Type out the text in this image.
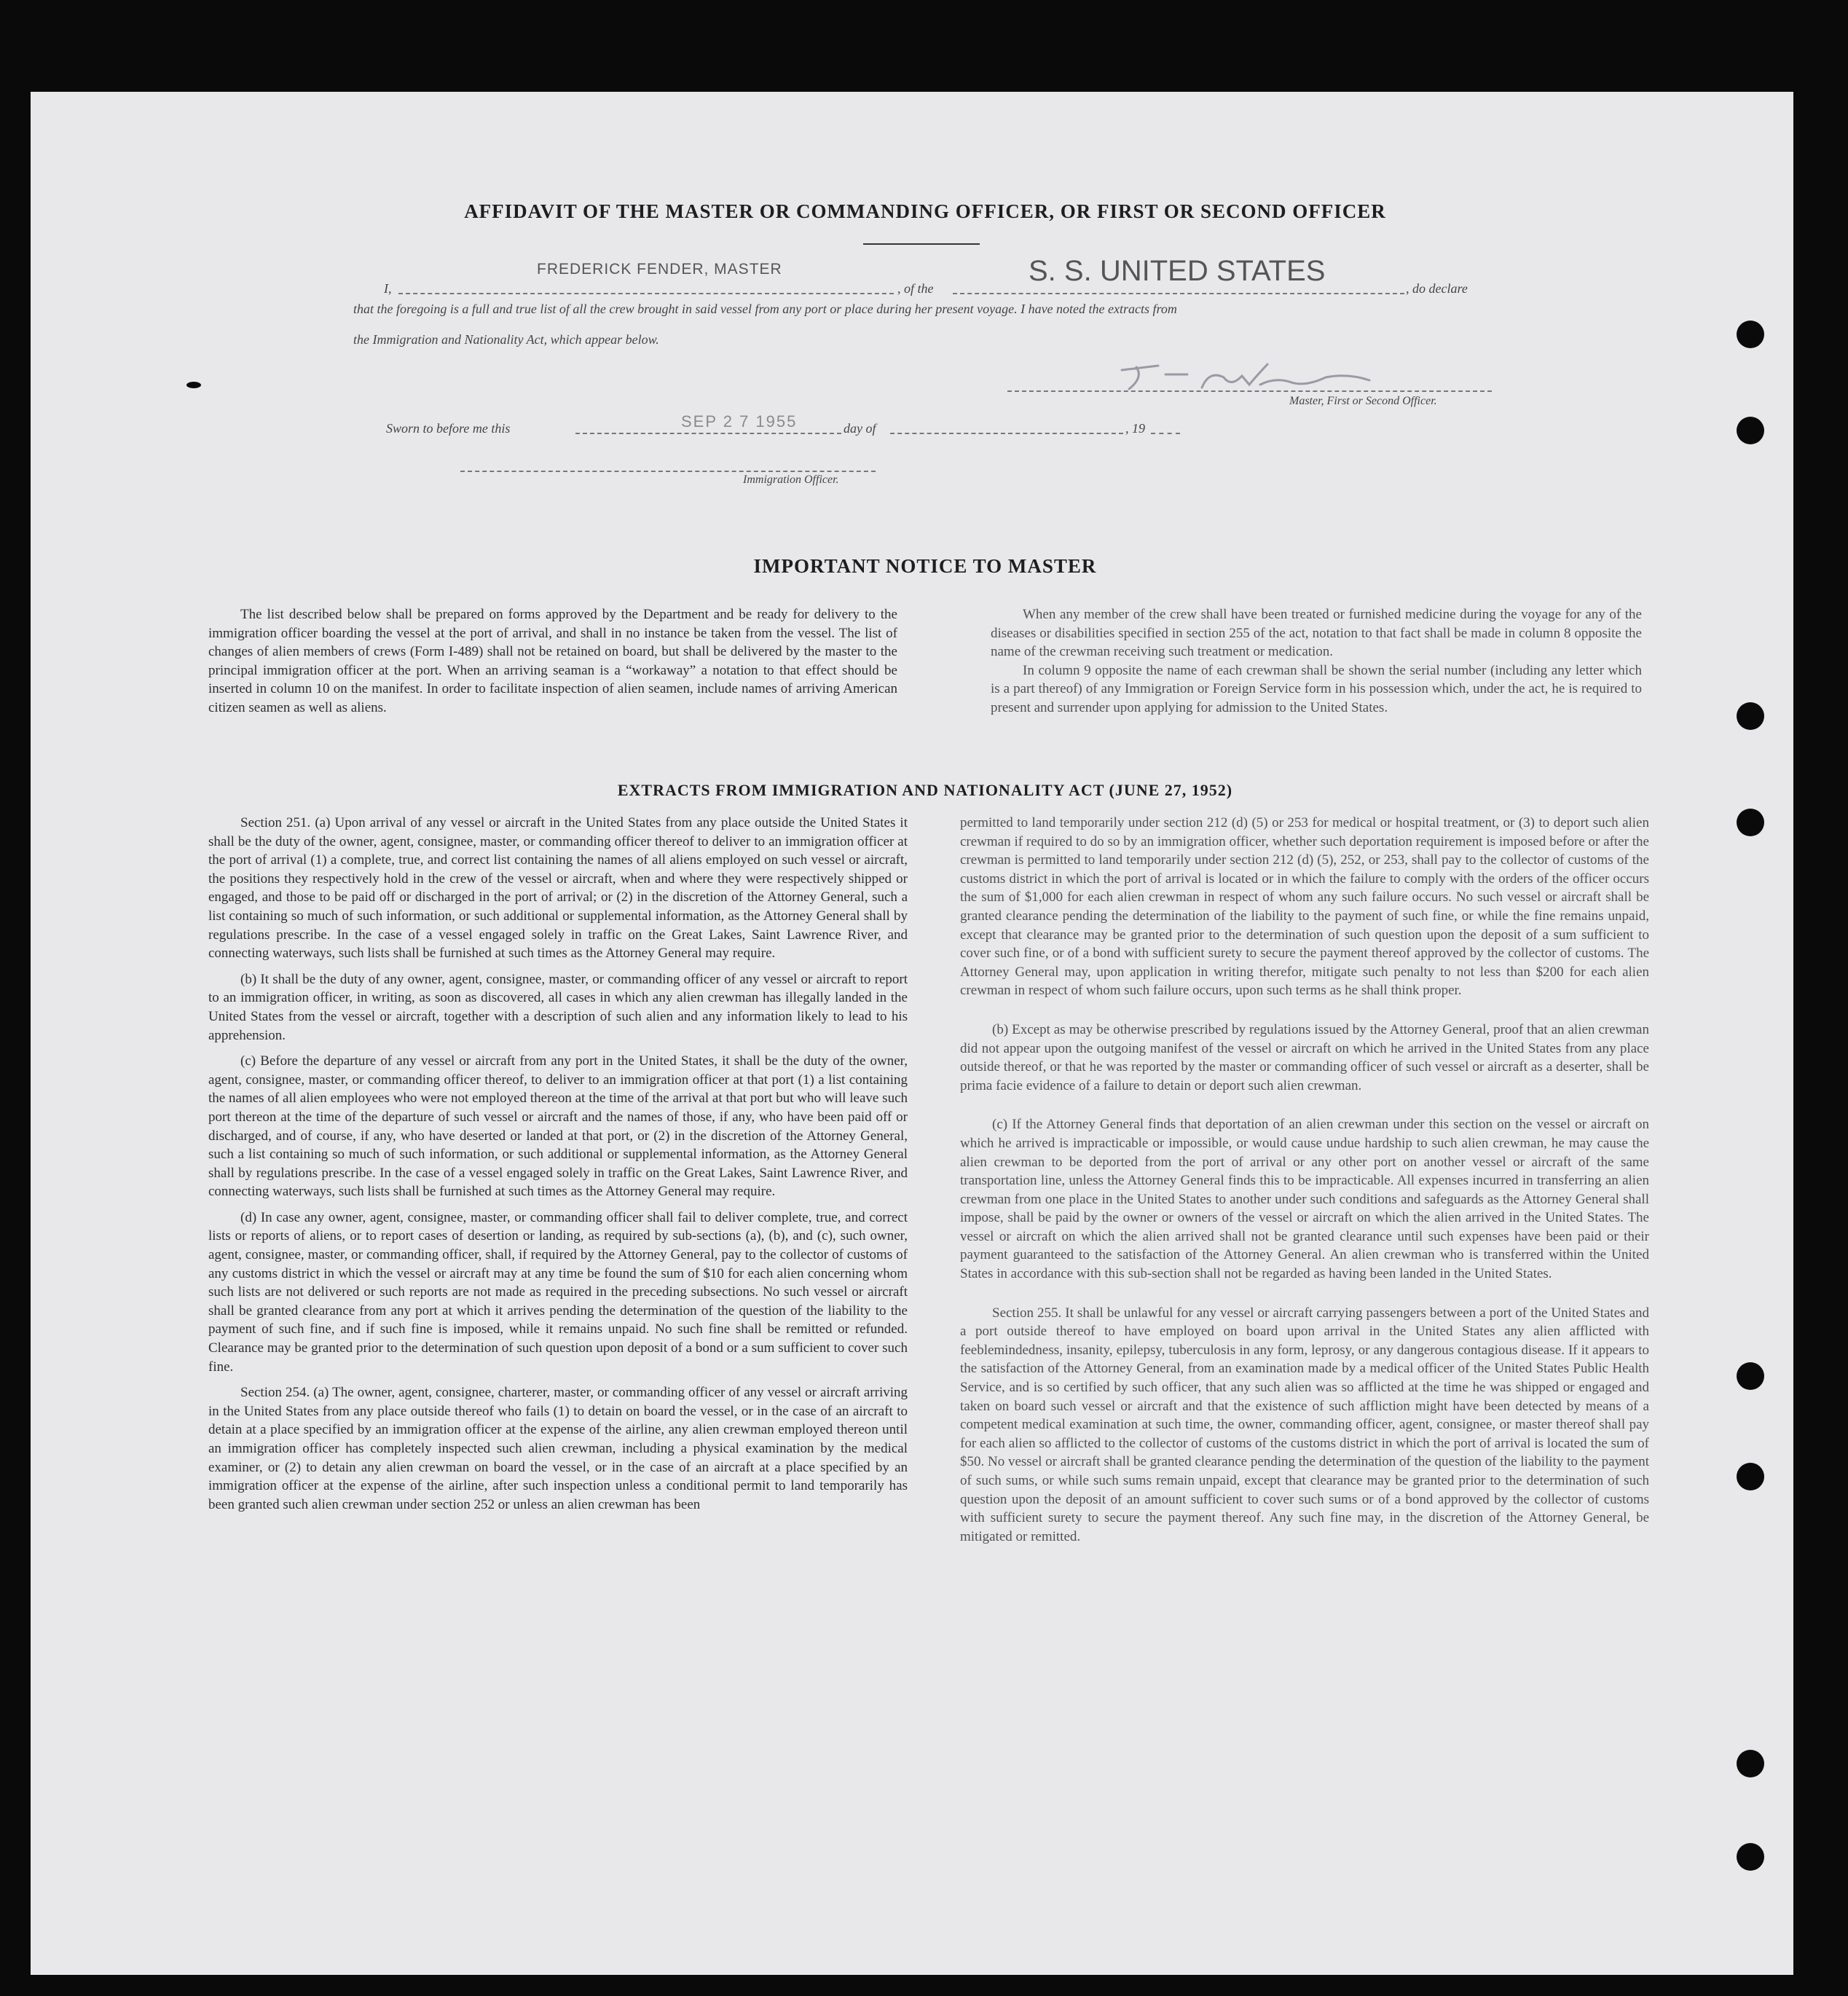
AFFIDAVIT OF THE MASTER OR COMMANDING OFFICER, OR FIRST OR SECOND OFFICER
I,
FREDERICK FENDER, MASTER
, of the
S. S. UNITED STATES
, do declare
that the foregoing is a full and true list of all the crew brought in said vessel from any port or place during her present voyage. I have noted the extracts from
the Immigration and Nationality Act, which appear below.
Master, First or Second Officer.
Sworn to before me this	SEP 2 7 1955	day of	, 19
Immigration Officer.
IMPORTANT NOTICE TO MASTER

The list described below shall be prepared on forms approved by the Department and be ready for delivery to the immigration officer boarding the vessel at the port of arrival, and shall in no instance be taken from the vessel. The list of changes of alien members of crews (Form I-489) shall not be retained on board, but shall be delivered by the master to the principal immigration officer at the port. When an arriving seaman is a “workaway” a notation to that effect should be inserted in column 10 on the manifest. In order to facilitate inspection of alien seamen, include names of arriving American citizen seamen as well as aliens.

When any member of the crew shall have been treated or furnished medicine during the voyage for any of the diseases or disabilities specified in section 255 of the act, notation to that fact shall be made in column 8 opposite the name of the crewman receiving such treatment or medication.

In column 9 opposite the name of each crewman shall be shown the serial number (including any letter which is a part thereof) of any Immigration or Foreign Service form in his possession which, under the act, he is required to present and surrender upon applying for admission to the United States.

EXTRACTS FROM IMMIGRATION AND NATIONALITY ACT (JUNE 27, 1952)

Section 251. (a) Upon arrival of any vessel or aircraft in the United States from any place outside the United States it shall be the duty of the owner, agent, consignee, master, or commanding officer thereof to deliver to an immigration officer at the port of arrival (1) a complete, true, and correct list containing the names of all aliens employed on such vessel or aircraft, the positions they respectively hold in the crew of the vessel or aircraft, when and where they were respectively shipped or engaged, and those to be paid off or discharged in the port of arrival; or (2) in the discretion of the Attorney General, such a list containing so much of such information, or such additional or supplemental information, as the Attorney General shall by regulations prescribe. In the case of a vessel engaged solely in traffic on the Great Lakes, Saint Lawrence River, and connecting waterways, such lists shall be furnished at such times as the Attorney General may require.

(b) It shall be the duty of any owner, agent, consignee, master, or commanding officer of any vessel or aircraft to report to an immigration officer, in writing, as soon as discovered, all cases in which any alien crewman has illegally landed in the United States from the vessel or aircraft, together with a description of such alien and any information likely to lead to his apprehension.

(c) Before the departure of any vessel or aircraft from any port in the United States, it shall be the duty of the owner, agent, consignee, master, or commanding officer thereof, to deliver to an immigration officer at that port (1) a list containing the names of all alien employees who were not employed thereon at the time of the arrival at that port but who will leave such port thereon at the time of the departure of such vessel or aircraft and the names of those, if any, who have been paid off or discharged, and of course, if any, who have deserted or landed at that port, or (2) in the discretion of the Attorney General, such a list containing so much of such information, or such additional or supplemental information, as the Attorney General shall by regulations prescribe. In the case of a vessel engaged solely in traffic on the Great Lakes, Saint Lawrence River, and connecting waterways, such lists shall be furnished at such times as the Attorney General may require.

(d) In case any owner, agent, consignee, master, or commanding officer shall fail to deliver complete, true, and correct lists or reports of aliens, or to report cases of desertion or landing, as required by sub-sections (a), (b), and (c), such owner, agent, consignee, master, or commanding officer, shall, if required by the Attorney General, pay to the collector of customs of any customs district in which the vessel or aircraft may at any time be found the sum of $10 for each alien concerning whom such lists are not delivered or such reports are not made as required in the preceding subsections. No such vessel or aircraft shall be granted clearance from any port at which it arrives pending the determination of the question of the liability to the payment of such fine, and if such fine is imposed, while it remains unpaid. No such fine shall be remitted or refunded. Clearance may be granted prior to the determination of such question upon deposit of a bond or a sum sufficient to cover such fine.

Section 254. (a) The owner, agent, consignee, charterer, master, or commanding officer of any vessel or aircraft arriving in the United States from any place outside thereof who fails (1) to detain on board the vessel, or in the case of an aircraft to detain at a place specified by an immigration officer at the expense of the airline, any alien crewman employed thereon until an immigration officer has completely inspected such alien crewman, including a physical examination by the medical examiner, or (2) to detain any alien crewman on board the vessel, or in the case of an aircraft at a place specified by an immigration officer at the expense of the airline, after such inspection unless a conditional permit to land temporarily has been granted such alien crewman under section 252 or unless an alien crewman has been

permitted to land temporarily under section 212 (d) (5) or 253 for medical or hospital treatment, or (3) to deport such alien crewman if required to do so by an immigration officer, whether such deportation requirement is imposed before or after the crewman is permitted to land temporarily under section 212 (d) (5), 252, or 253, shall pay to the collector of customs of the customs district in which the port of arrival is located or in which the failure to comply with the orders of the officer occurs the sum of $1,000 for each alien crewman in respect of whom any such failure occurs. No such vessel or aircraft shall be granted clearance pending the determination of the liability to the payment of such fine, or while the fine remains unpaid, except that clearance may be granted prior to the determination of such question upon the deposit of a sum sufficient to cover such fine, or of a bond with sufficient surety to secure the payment thereof approved by the collector of customs. The Attorney General may, upon application in writing therefor, mitigate such penalty to not less than $200 for each alien crewman in respect of whom such failure occurs, upon such terms as he shall think proper.

(b) Except as may be otherwise prescribed by regulations issued by the Attorney General, proof that an alien crewman did not appear upon the outgoing manifest of the vessel or aircraft on which he arrived in the United States from any place outside thereof, or that he was reported by the master or commanding officer of such vessel or aircraft as a deserter, shall be prima facie evidence of a failure to detain or deport such alien crewman.

(c) If the Attorney General finds that deportation of an alien crewman under this section on the vessel or aircraft on which he arrived is impracticable or impossible, or would cause undue hardship to such alien crewman, he may cause the alien crewman to be deported from the port of arrival or any other port on another vessel or aircraft of the same transportation line, unless the Attorney General finds this to be impracticable. All expenses incurred in transferring an alien crewman from one place in the United States to another under such conditions and safeguards as the Attorney General shall impose, shall be paid by the owner or owners of the vessel or aircraft on which the alien arrived in the United States. The vessel or aircraft on which the alien arrived shall not be granted clearance until such expenses have been paid or their payment guaranteed to the satisfaction of the Attorney General. An alien crewman who is transferred within the United States in accordance with this sub-section shall not be regarded as having been landed in the United States.

Section 255. It shall be unlawful for any vessel or aircraft carrying passengers between a port of the United States and a port outside thereof to have employed on board upon arrival in the United States any alien afflicted with feeblemindedness, insanity, epilepsy, tuberculosis in any form, leprosy, or any dangerous contagious disease. If it appears to the satisfaction of the Attorney General, from an examination made by a medical officer of the United States Public Health Service, and is so certified by such officer, that any such alien was so afflicted at the time he was shipped or engaged and taken on board such vessel or aircraft and that the existence of such affliction might have been detected by means of a competent medical examination at such time, the owner, commanding officer, agent, consignee, or master thereof shall pay for each alien so afflicted to the collector of customs of the customs district in which the port of arrival is located the sum of $50. No vessel or aircraft shall be granted clearance pending the determination of the question of the liability to the payment of such sums, or while such sums remain unpaid, except that clearance may be granted prior to the determination of such question upon the deposit of an amount sufficient to cover such sums or of a bond approved by the collector of customs with sufficient surety to secure the payment thereof. Any such fine may, in the discretion of the Attorney General, be mitigated or remitted.
